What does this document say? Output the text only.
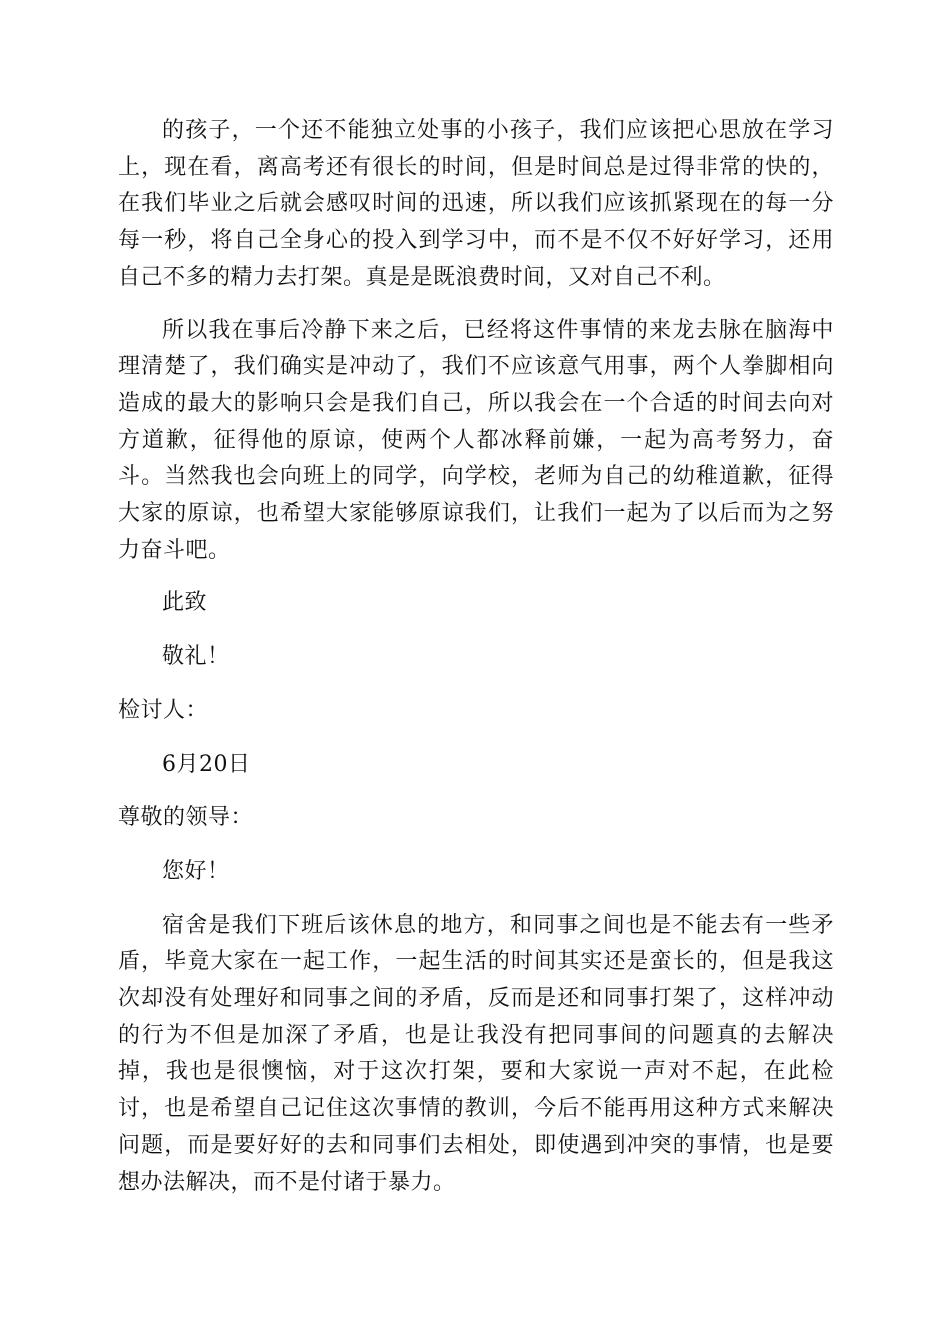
的孩子，一个还不能独立处事的小孩子，我们应该把心思放在学习上，现在看，离高考还有很长的时间，但是时间总是过得非常的快的，在我们毕业之后就会感叹时间的迅速，所以我们应该抓紧现在的每一分每一秒，将自己全身心的投入到学习中，而不是不仅不好好学习，还用自己不多的精力去打架。真是是既浪费时间，又对自己不利。

所以我在事后冷静下来之后，已经将这件事情的来龙去脉在脑海中理清楚了，我们确实是冲动了，我们不应该意气用事，两个人拳脚相向造成的最大的影响只会是我们自己，所以我会在一个合适的时间去向对方道歉，征得他的原谅，使两个人都冰释前嫌，一起为高考努力，奋斗。当然我也会向班上的同学，向学校，老师为自己的幼稚道歉，征得大家的原谅，也希望大家能够原谅我们，让我们一起为了以后而为之努力奋斗吧。

此致

敬礼！

检讨人：

6月20日

尊敬的领导：

您好！

宿舍是我们下班后该休息的地方，和同事之间也是不能去有一些矛盾，毕竟大家在一起工作，一起生活的时间其实还是蛮长的，但是我这次却没有处理好和同事之间的矛盾，反而是还和同事打架了，这样冲动的行为不但是加深了矛盾，也是让我没有把同事间的问题真的去解决掉，我也是很懊恼，对于这次打架，要和大家说一声对不起，在此检讨，也是希望自己记住这次事情的教训，今后不能再用这种方式来解决问题，而是要好好的去和同事们去相处，即使遇到冲突的事情，也是要想办法解决，而不是付诸于暴力。
